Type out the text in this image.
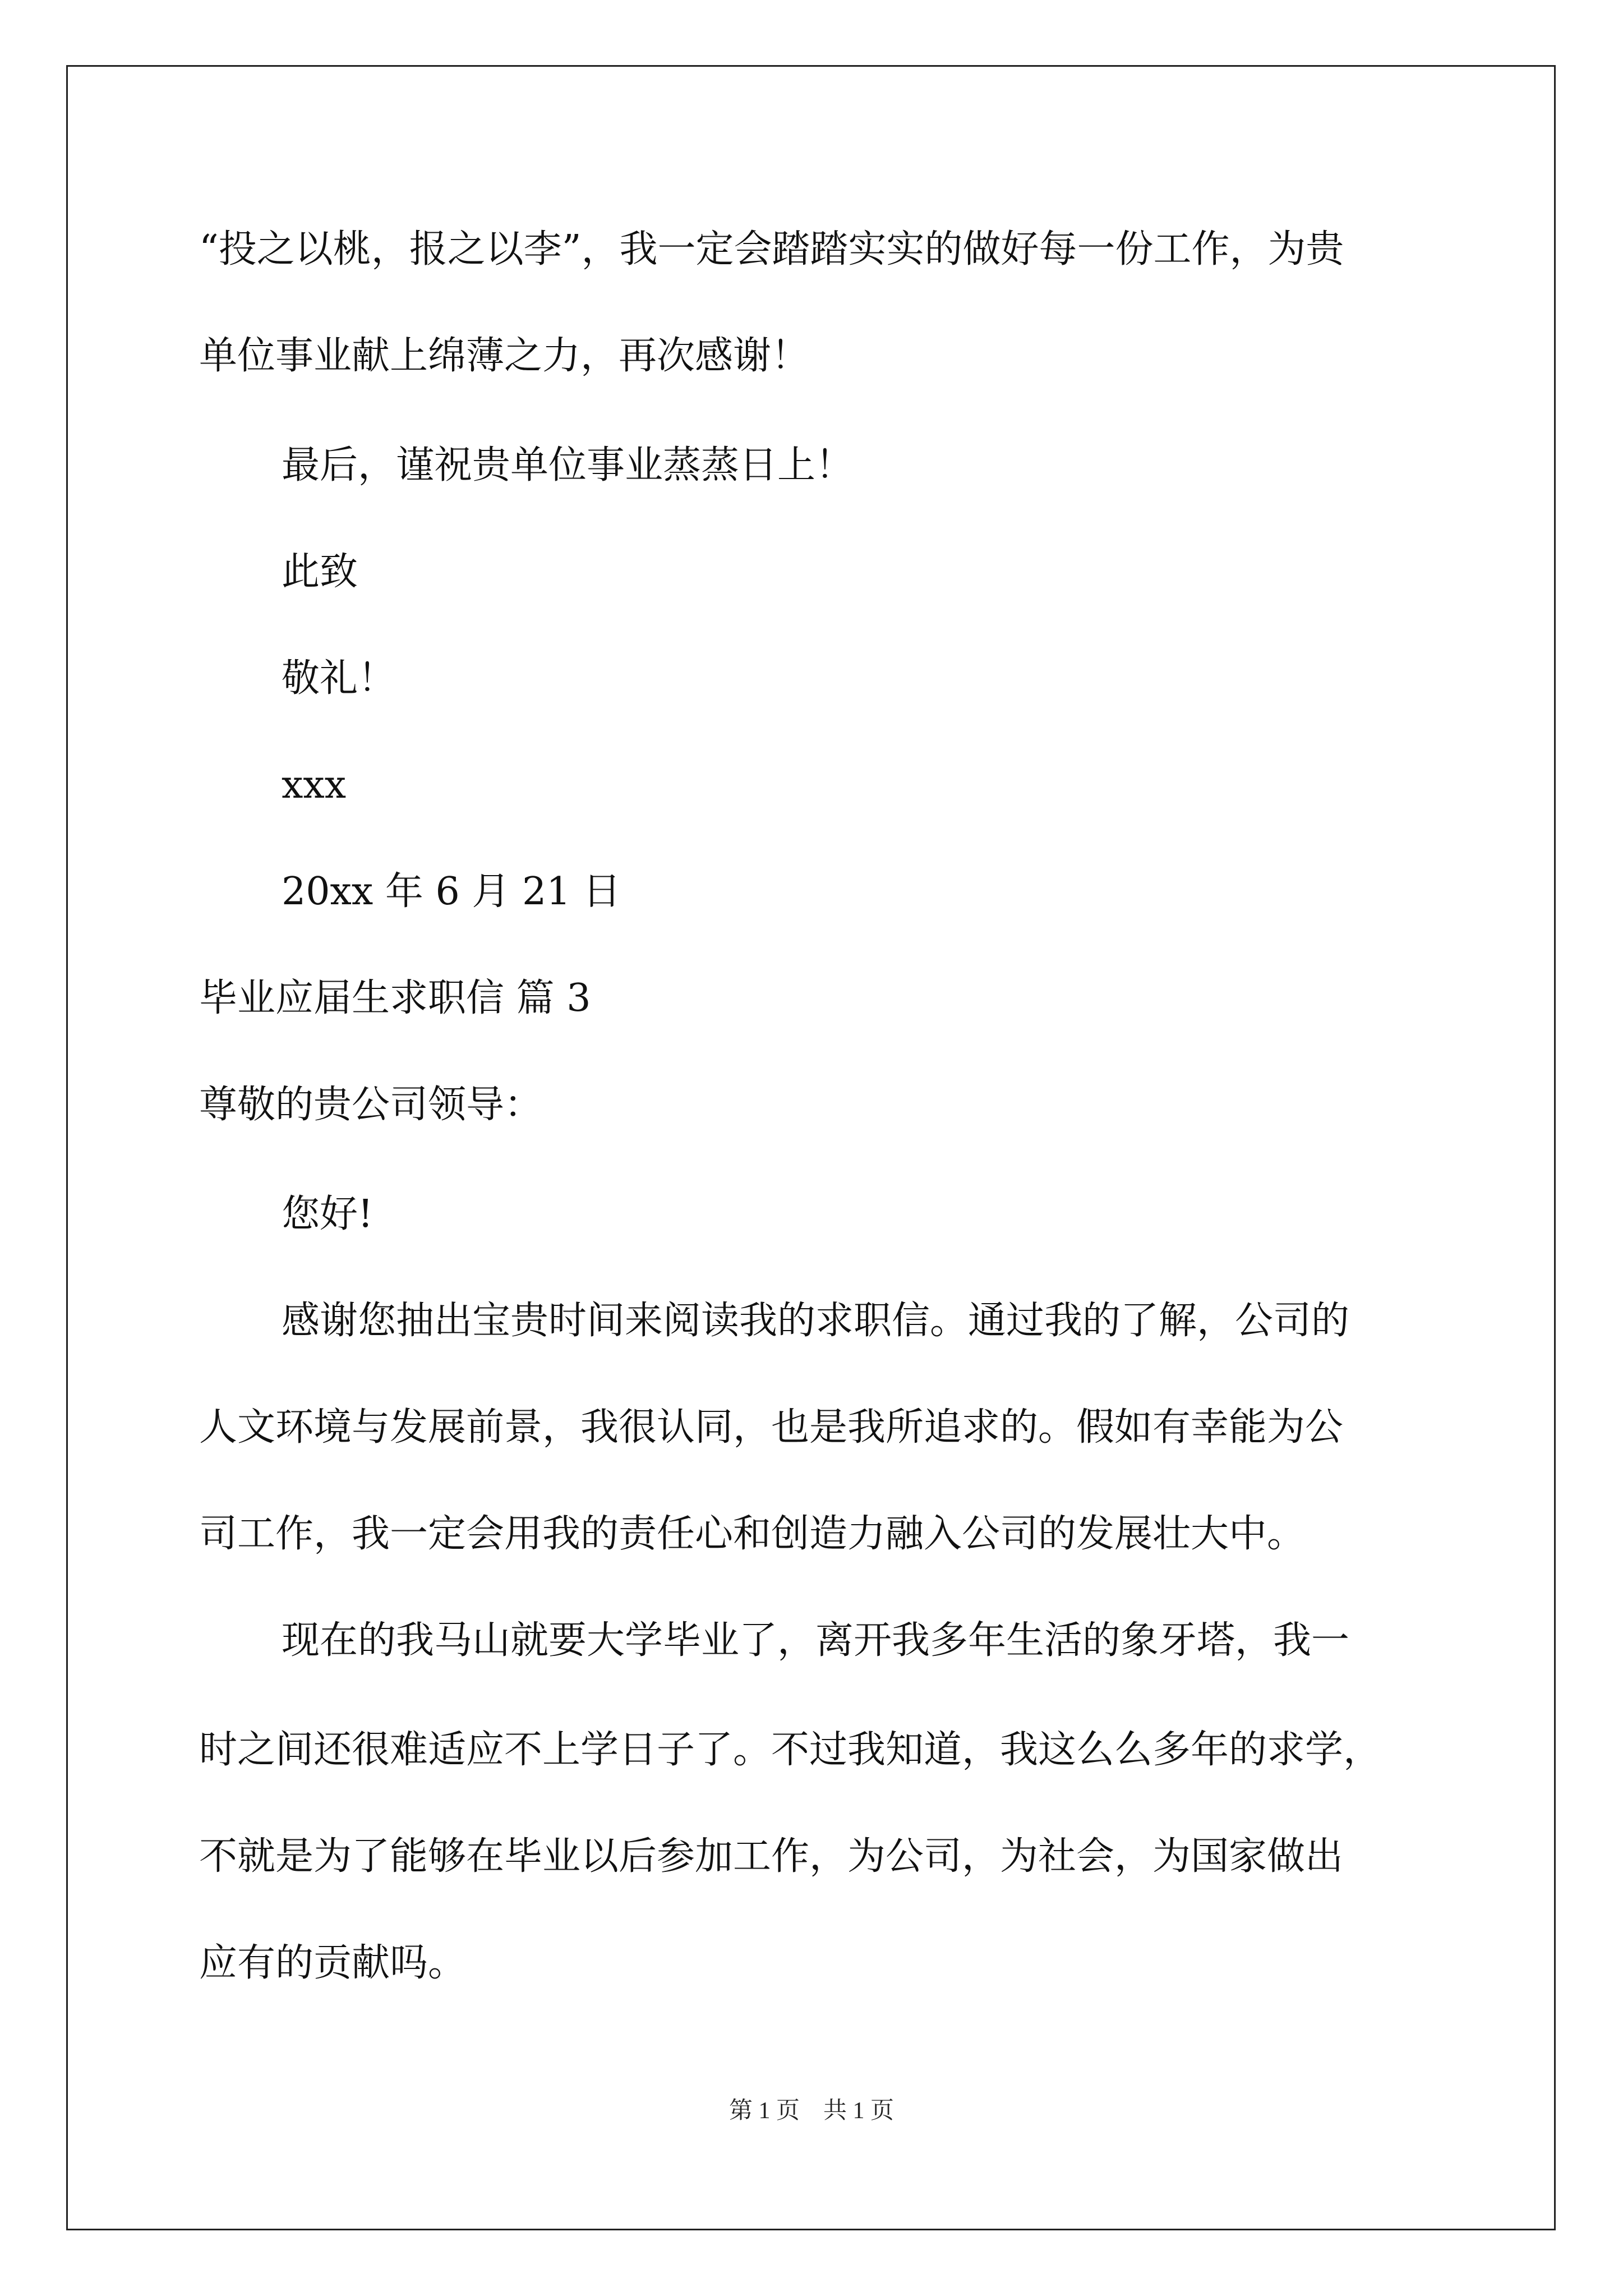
“投之以桃，报之以李”，我一定会踏踏实实的做好每一份工作，为贵
单位事业献上绵薄之力，再次感谢！
最后，谨祝贵单位事业蒸蒸日上！
此致
敬礼！
xxx
20xx 年 6 月 21 日
毕业应届生求职信 篇 3
尊敬的贵公司领导：
您好!
感谢您抽出宝贵时间来阅读我的求职信。通过我的了解，公司的
人文环境与发展前景，我很认同，也是我所追求的。假如有幸能为公
司工作，我一定会用我的责任心和创造力融入公司的发展壮大中。
现在的我马山就要大学毕业了，离开我多年生活的象牙塔，我一
时之间还很难适应不上学日子了。不过我知道，我这么么多年的求学，
不就是为了能够在毕业以后参加工作，为公司，为社会，为国家做出
应有的贡献吗。
第 1 页　共 1 页
